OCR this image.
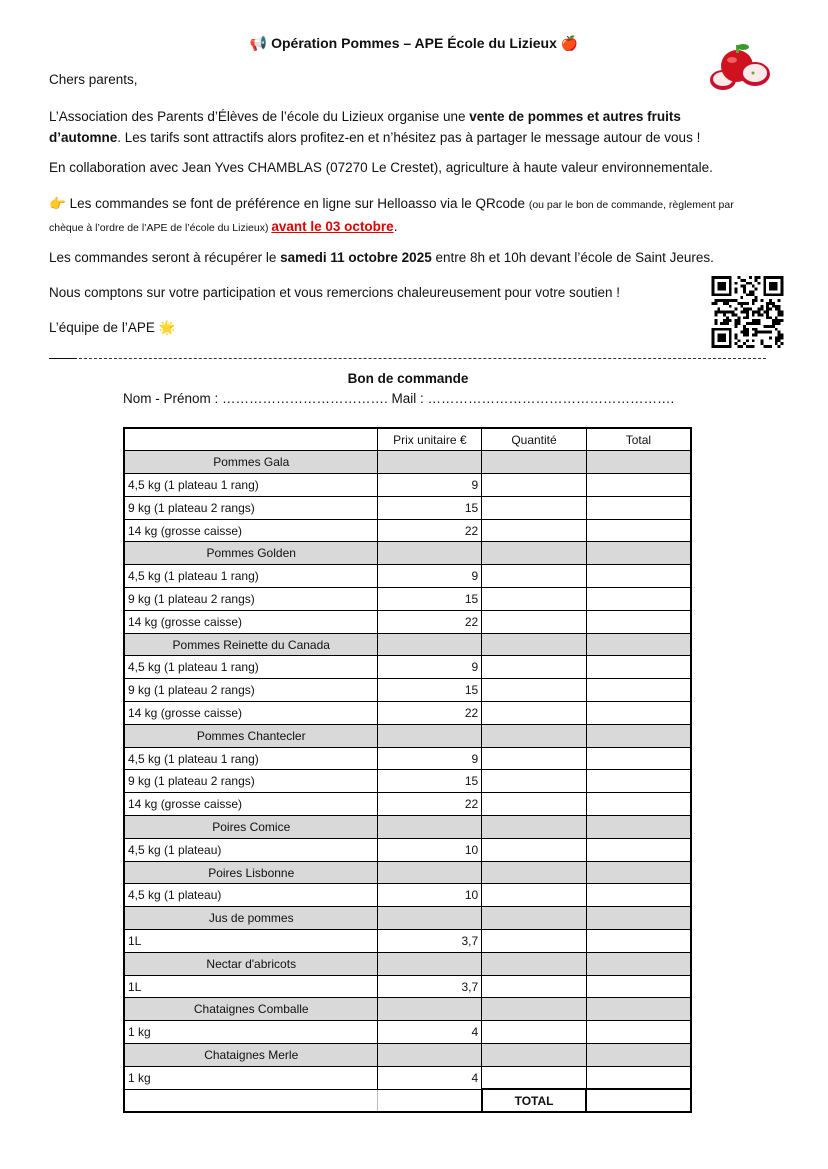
📢 Opération Pommes – APE École du Lizieux 🍎

Chers parents,

L’Association des Parents d’Élèves de l’école du Lizieux organise une vente de pommes et autres fruits d’automne. Les tarifs sont attractifs alors profitez-en et n’hésitez pas à partager le message autour de vous !

En collaboration avec Jean Yves CHAMBLAS (07270 Le Crestet), agriculture à haute valeur environnementale.

👉 Les commandes se font de préférence en ligne sur Helloasso via le QRcode (ou par le bon de commande, règlement par chèque à l’ordre de l’APE de l’école du Lizieux) avant le 03 octobre.

Les commandes seront à récupérer le samedi 11 octobre 2025 entre 8h et 10h devant l’école de Saint Jeures.

Nous comptons sur votre participation et vous remercions chaleureusement pour votre soutien !

L’équipe de l’APE 🌟

Bon de commande
Nom - Prénom : ………………………………. Mail : ……………………………………………….
	Prix unitaire €	Quantité	Total
Pommes Gala			
4,5 kg (1 plateau 1 rang)	9		
9 kg (1 plateau 2 rangs)	15		
14 kg (grosse caisse)	22		
Pommes Golden			
4,5 kg (1 plateau 1 rang)	9		
9 kg (1 plateau 2 rangs)	15		
14 kg (grosse caisse)	22		
Pommes Reinette du Canada			
4,5 kg (1 plateau 1 rang)	9		
9 kg (1 plateau 2 rangs)	15		
14 kg (grosse caisse)	22		
Pommes Chantecler			
4,5 kg (1 plateau 1 rang)	9		
9 kg (1 plateau 2 rangs)	15		
14 kg (grosse caisse)	22		
Poires Comice			
4,5 kg (1 plateau)	10		
Poires Lisbonne			
4,5 kg (1 plateau)	10		
Jus de pommes			
1L	3,7		
Nectar d'abricots			
1L	3,7		
Chataignes Comballe			
1 kg	4		
Chataignes Merle			
1 kg	4		
		TOTAL	
